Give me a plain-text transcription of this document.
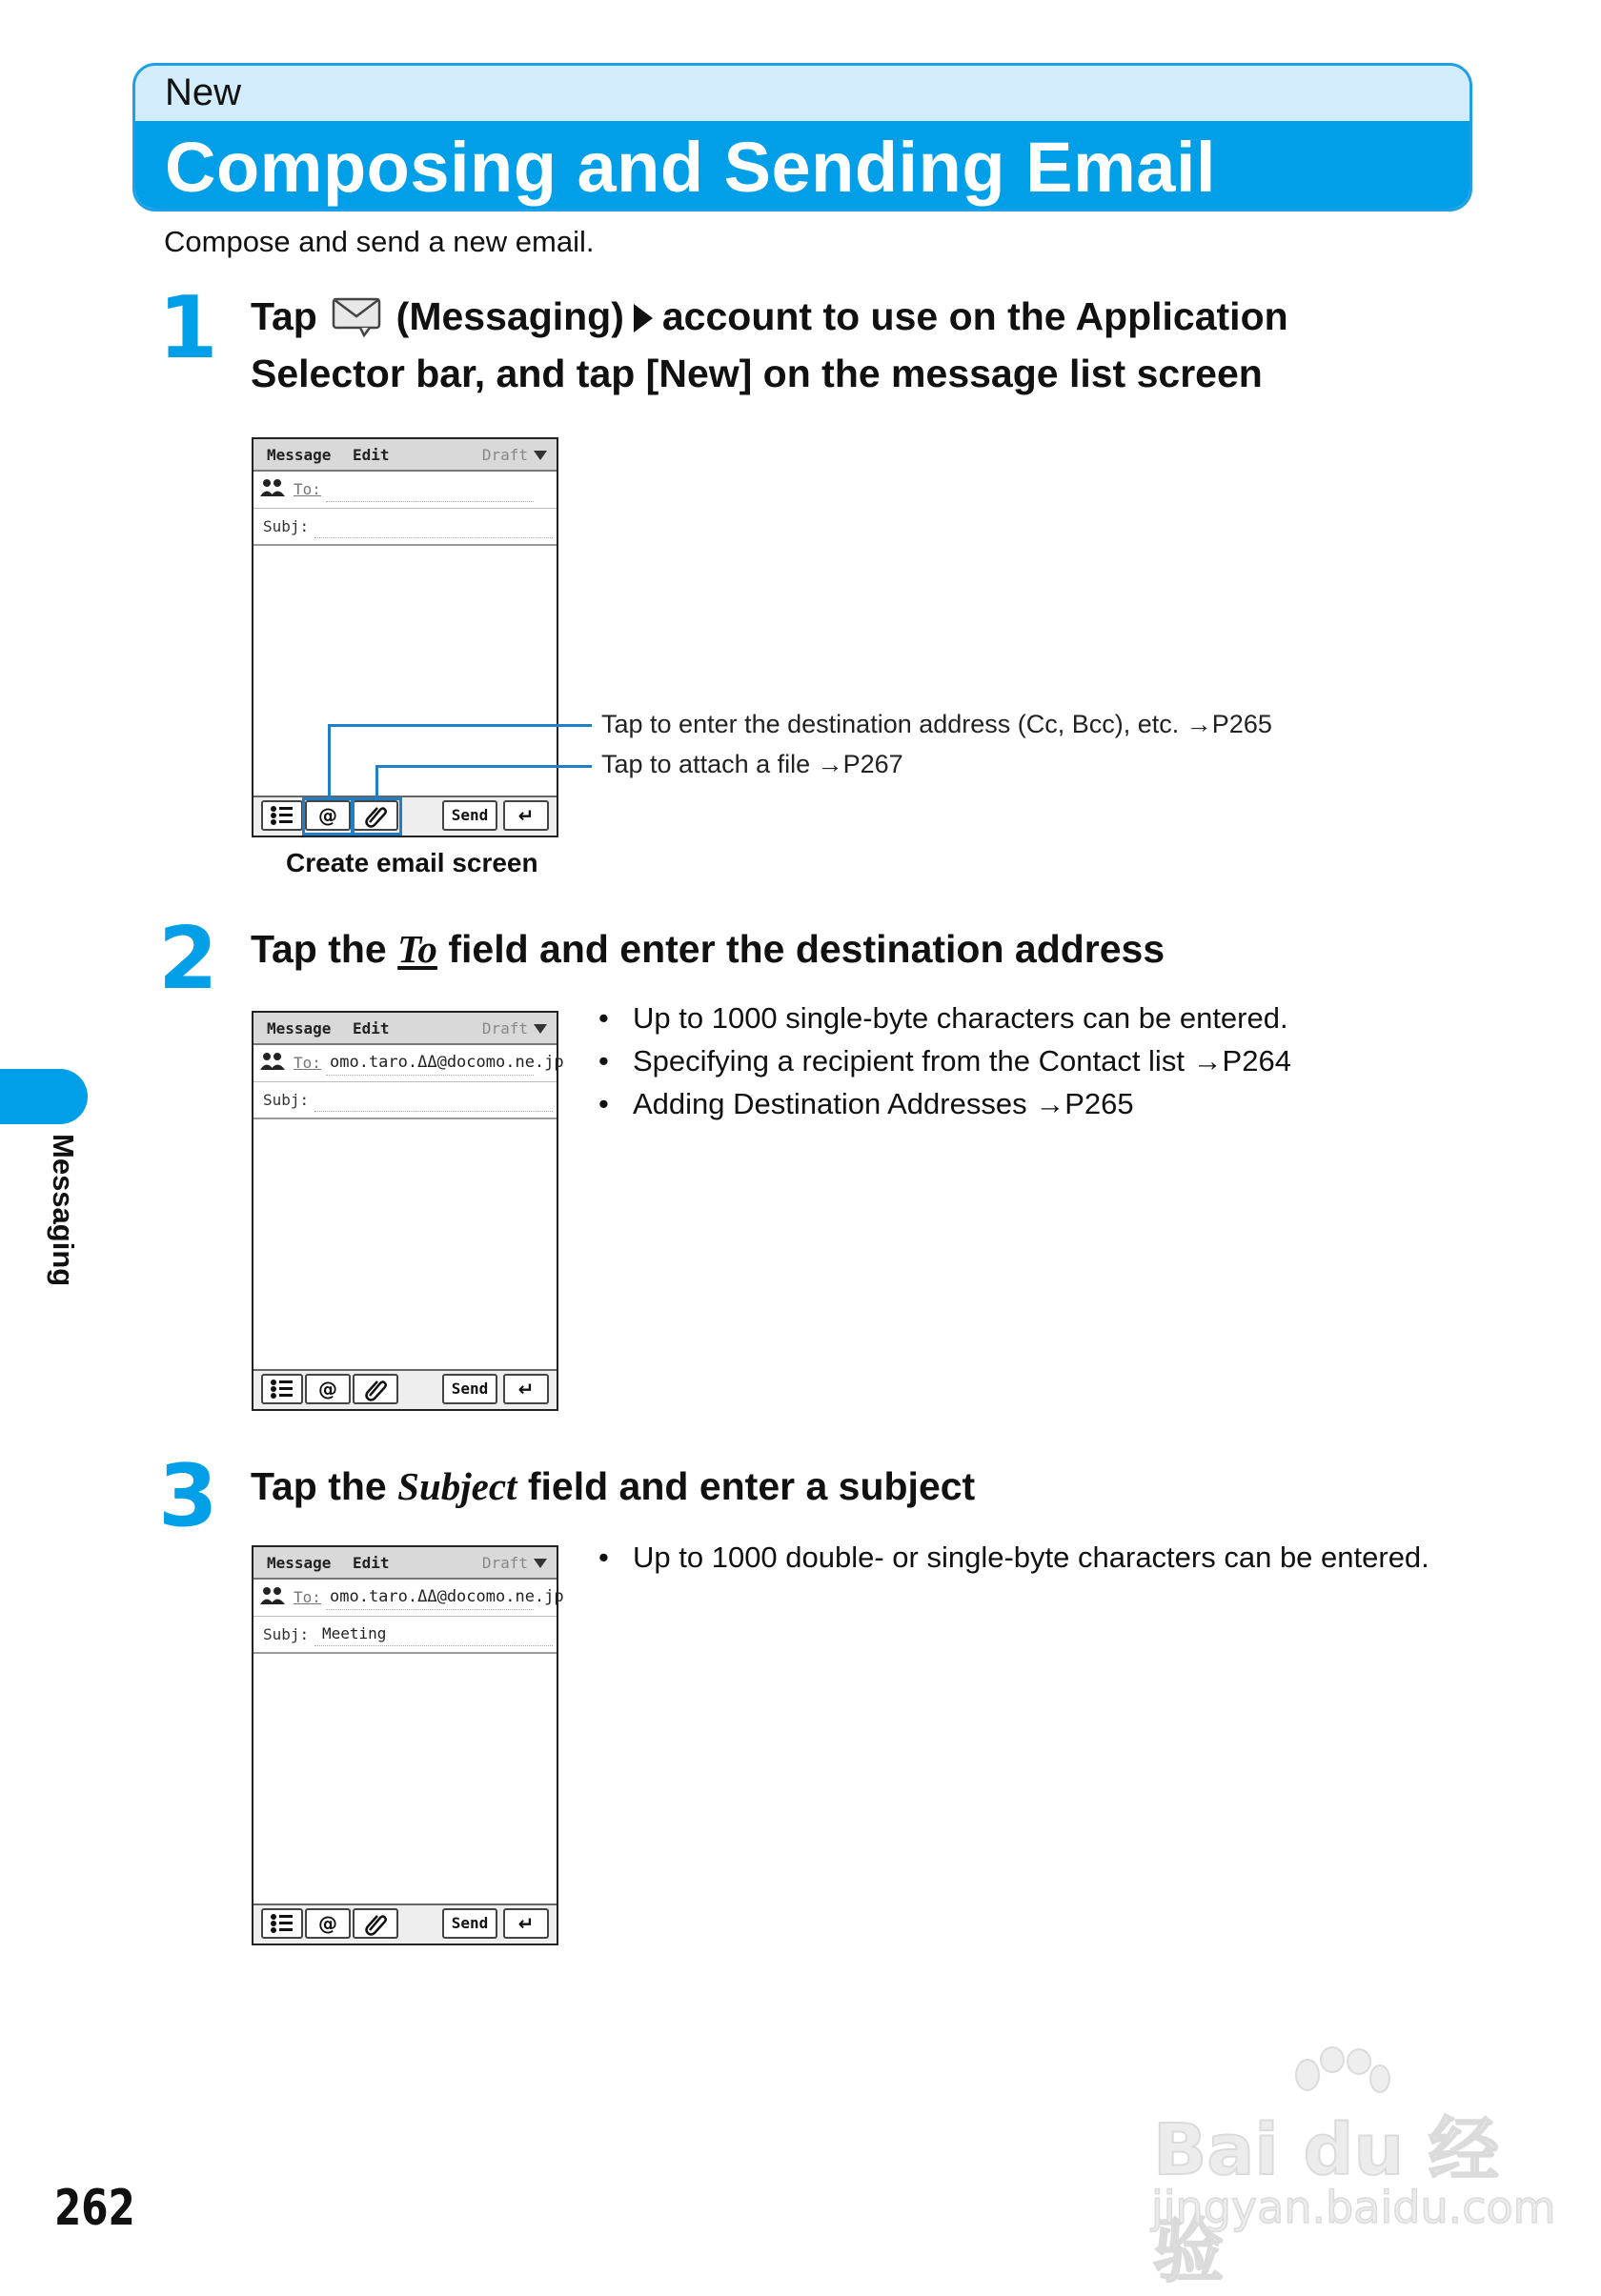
New
Composing and Sending Email
Compose and send a new email.
1 Tap (Messaging) account to use on the Application
Selector bar, and tap [New] on the message list screen
Message Edit	Draft
To:
Subj:
@	Send	↵
Tap to enter the destination address (Cc, Bcc), etc. →P265
Tap to attach a file →P267
Create email screen
2 Tap the To field and enter the destination address
Message Edit	Draft
To: omo.taro.ΔΔ@docomo.ne.jp
Subj:
@	Send	↵
• Up to 1000 single-byte characters can be entered.
• Specifying a recipient from the Contact list →P264
• Adding Destination Addresses →P265
3 Tap the Subject field and enter a subject
Message Edit	Draft
To: omo.taro.ΔΔ@docomo.ne.jp
Subj: Meeting
@	Send	↵
• Up to 1000 double- or single-byte characters can be entered.
Messaging
262
Bai du 经验
jingyan.baidu.com
